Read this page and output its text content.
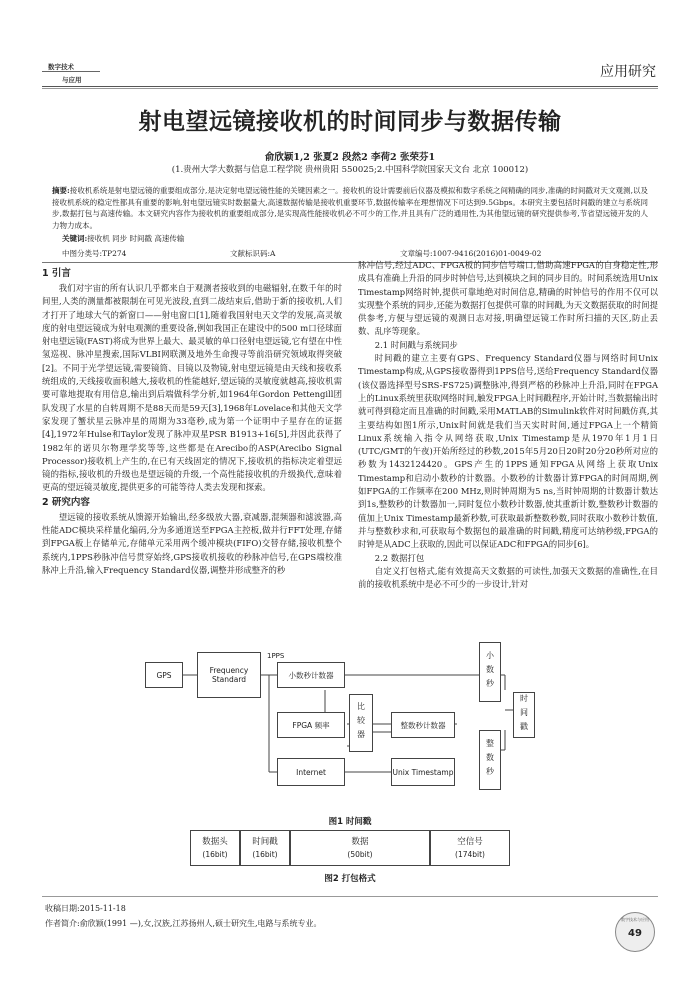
数字技术
与应用	应用研究
射电望远镜接收机的时间同步与数据传输
俞欣颖1,2 张夏2 段然2 李荷2 张荣芬1
(1.贵州大学大数据与信息工程学院 贵州贵阳 550025;2.中国科学院国家天文台 北京 100012)
摘要:接收机系统是射电望远镜的重要组成部分,是决定射电望远镜性能的关键因素之一。接收机的设计需要前后仪器及模拟和数字系统之间精确的同步,准确的时间戳对天文观测,以及接收机系统的稳定性都具有重要的影响,射电望远镜实时数据量大,高速数据传输是接收机重要环节,数据传输率在理想情况下可达到9.5Gbps。本研究主要包括时间戳的建立与系统同步,数据打包与高速传输。本文研究内容作为接收机的重要组成部分,是实现高性能接收机必不可少的工作,并且具有广泛的通用性,为其他望远镜的研究提供参考,节省望远镜开发的人力物力成本。
关键词:接收机 同步 时间戳 高速传输
中图分类号:TP274	文献标识码:A	文章编号:1007-9416(2016)01-0049-02
1 引言

我们对宇宙的所有认识几乎都来自于观测者接收到的电磁辐射,在数千年的时间里,人类的测量都被限制在可见光波段,直到二战结束后,借助于新的接收机,人们才打开了地球大气的新窗口——射电窗口[1],随着我国射电天文学的发展,高灵敏度的射电望远镜成为射电观测的重要设备,例如我国正在建设中的500 m口径球面射电望远镜(FAST)将成为世界上最大、最灵敏的单口径射电望远镜,它有望在中性氢巡视、脉冲星搜索,国际VLBI网联测及地外生命搜寻等前沿研究领域取得突破[2]。不同于光学望远镜,需要镜筒、目镜以及物镜,射电望远镜是由天线和接收系统组成的,天线接收面积越大,接收机的性能越好,望远镜的灵敏度就越高,接收机需要可靠地提取有用信息,输出到后端做科学分析,如1964年Gordon Pettengill团队发现了水星的自转周期不是88天而是59天[3],1968年Lovelace和其他天文学家发现了蟹状星云脉冲星的周期为33毫秒,成为第一个证明中子星存在的证据[4],1972年Hulse和Taylor发现了脉冲双星PSR B1913+16[5],并因此获得了1982年的诺贝尔物理学奖等等,这些都是在Arecibo的ASP(Arecibo Signal Processor)接收机上产生的,在已有天线固定的情况下,接收机的指标决定着望远镜的指标,接收机的升级也是望远镜的升级,一个高性能接收机的升级换代,意味着更高的望远镜灵敏度,提供更多的可能等待人类去发现和探索。

2 研究内容

望远镜的接收系统从馈源开始输出,经多级放大器,衰减器,混频器和滤波器,高性能ADC模块采样量化编码,分为多通道送至FPGA主控板,做并行FFT处理,存储到FPGA板上存储单元,存储单元采用两个缓冲模块(FIFO)交替存储,接收机整个系统内,1PPS秒脉冲信号贯穿始终,GPS接收机接收的秒脉冲信号,在GPS端校准脉冲上升沿,输入Frequency Standard仪器,调整并形成整齐的秒

脉冲信号,经过ADC、FPGA板的同步信号端口,借助高速FPGA的自身稳定性,形成具有准确上升沿的同步时钟信号,达到模块之间的同步目的。时间系统选用Unix Timestamp网络时钟,提供可靠地绝对时间信息,精确的时钟信号的作用不仅可以实现整个系统的同步,还能为数据打包提供可靠的时间戳,为天文数据获取的时间提供参考,方便与望远镜的观测日志对接,明确望远镜工作时所扫描的天区,防止丢数、乱序等现象。

2.1 时间戳与系统同步

时间戳的建立主要有GPS、Frequency Standard仪器与网络时间Unix Timestamp构成,从GPS接收器得到1PPS信号,送给Frequency Standard仪器(该仪器选择型号SRS-FS725)调整脉冲,得到严格的秒脉冲上升沿,同时在FPGA上的Linux系统里获取网络时间,触发FPGA上时间戳程序,开始计时,当数据输出时就可得到稳定而且准确的时间戳,采用MATLAB的Simulink软件对时间戳仿真,其主要结构如图1所示,Unix时间就是我们当天实时时间,通过FPGA上一个精简Linux系统输入指令从网络获取,Unix Timestamp是从1970年1月1日(UTC/GMT的午夜)开始所经过的秒数,2015年5月20日20时20分20秒所对应的秒数为1432124420。GPS产生的1PPS通知FPGA从网络上获取Unix Timestamp和启动小数秒的计数器。小数秒的计数器计算FPGA的时间周期,例如FPGA的工作频率在200 MHz,则时钟周期为5 ns,当时钟周期的计数器计数达到1s,整数秒的计数器加一,同时复位小数秒计数器,使其重新计数,整数秒计数器的值加上Unix Timestamp最新秒数,可获取最新整数秒数,同时获取小数秒计数值,并与整数秒求和,可获取每个数据包的最准确的时间戳,精度可达纳秒级,FPGA的时钟是从ADC上获取的,因此可以保证ADC和FPGA的同步[6]。

2.2 数据打包

自定义打包格式,能有效提高天文数据的可读性,加强天文数据的准确性,在目前的接收机系统中是必不可少的一步设计,针对

GPS	Frequency Standard
1PPS
小数秒计数器
比较器
FPGA 频率	整数秒计数器
Internet	Unix Timestamp
小数秒
整数秒
时间戳
图1 时间戳
数据头
(16bit)
时间戳
(16bit)
数据
(50bit)
空信号
(174bit)
图2 打包格式
收稿日期:2015-11-18
作者简介:俞欣颖(1991 —),女,汉族,江苏扬州人,硕士研究生,电路与系统专业。	数字技术与应用
49
